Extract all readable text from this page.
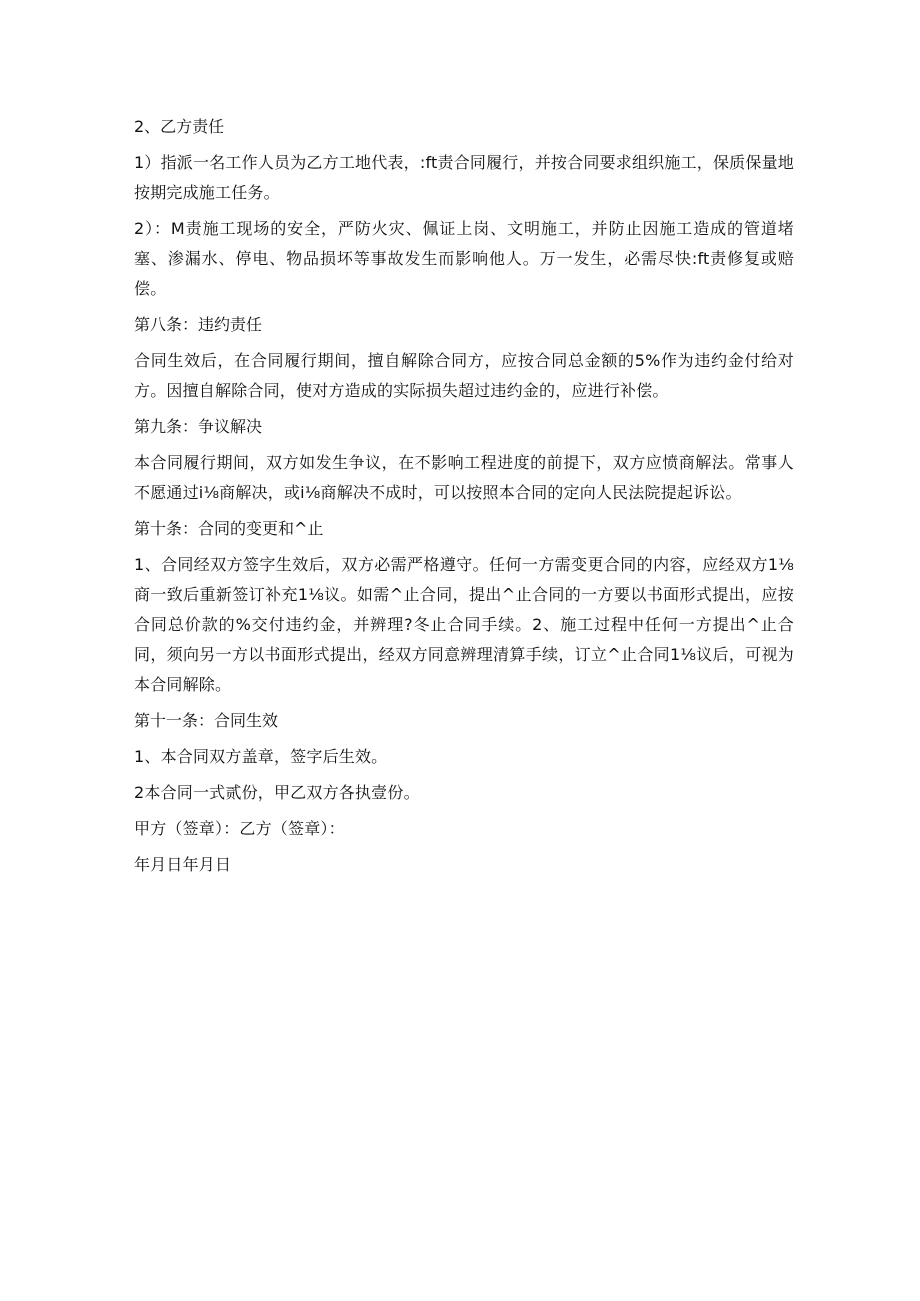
2、乙方责任

1）指派一名工作人员为乙方工地代表，:ft责合同履行，并按合同要求组织施工，保质保量地按期完成施工任务。

2）：M责施工现场的安全，严防火灾、佩证上岗、文明施工，并防止因施工造成的管道堵塞、渗漏水、停电、物品损坏等事故发生而影响他人。万一发生，必需尽快:ft责修复或赔偿。

第八条：违约责任

合同生效后，在合同履行期间，擅自解除合同方，应按合同总金额的5%作为违约金付给对方。因擅自解除合同，使对方造成的实际损失超过违约金的，应进行补偿。

第九条：争议解决

本合同履行期间，双方如发生争议，在不影响工程进度的前提下，双方应愤商解法。常事人不愿通过i⅛商解决，或i⅛商解决不成时，可以按照本合同的定向人民法院提起诉讼。

第十条：合同的变更和^止

1、合同经双方签字生效后，双方必需严格遵守。任何一方需变更合同的内容，应经双方1⅛商一致后重新签订补充1⅛议。如需^止合同，提出^止合同的一方要以书面形式提出，应按合同总价款的%交付违约金，并辨理?冬止合同手续。2、施工过程中任何一方提出^止合同，须向另一方以书面形式提出，经双方同意辨理清算手续，订立^止合同1⅛议后，可视为本合同解除。

第十一条：合同生效

1、本合同双方盖章，签字后生效。

2本合同一式贰份，甲乙双方各执壹份。

甲方（签章）：乙方（签章）：

年月日年月日
